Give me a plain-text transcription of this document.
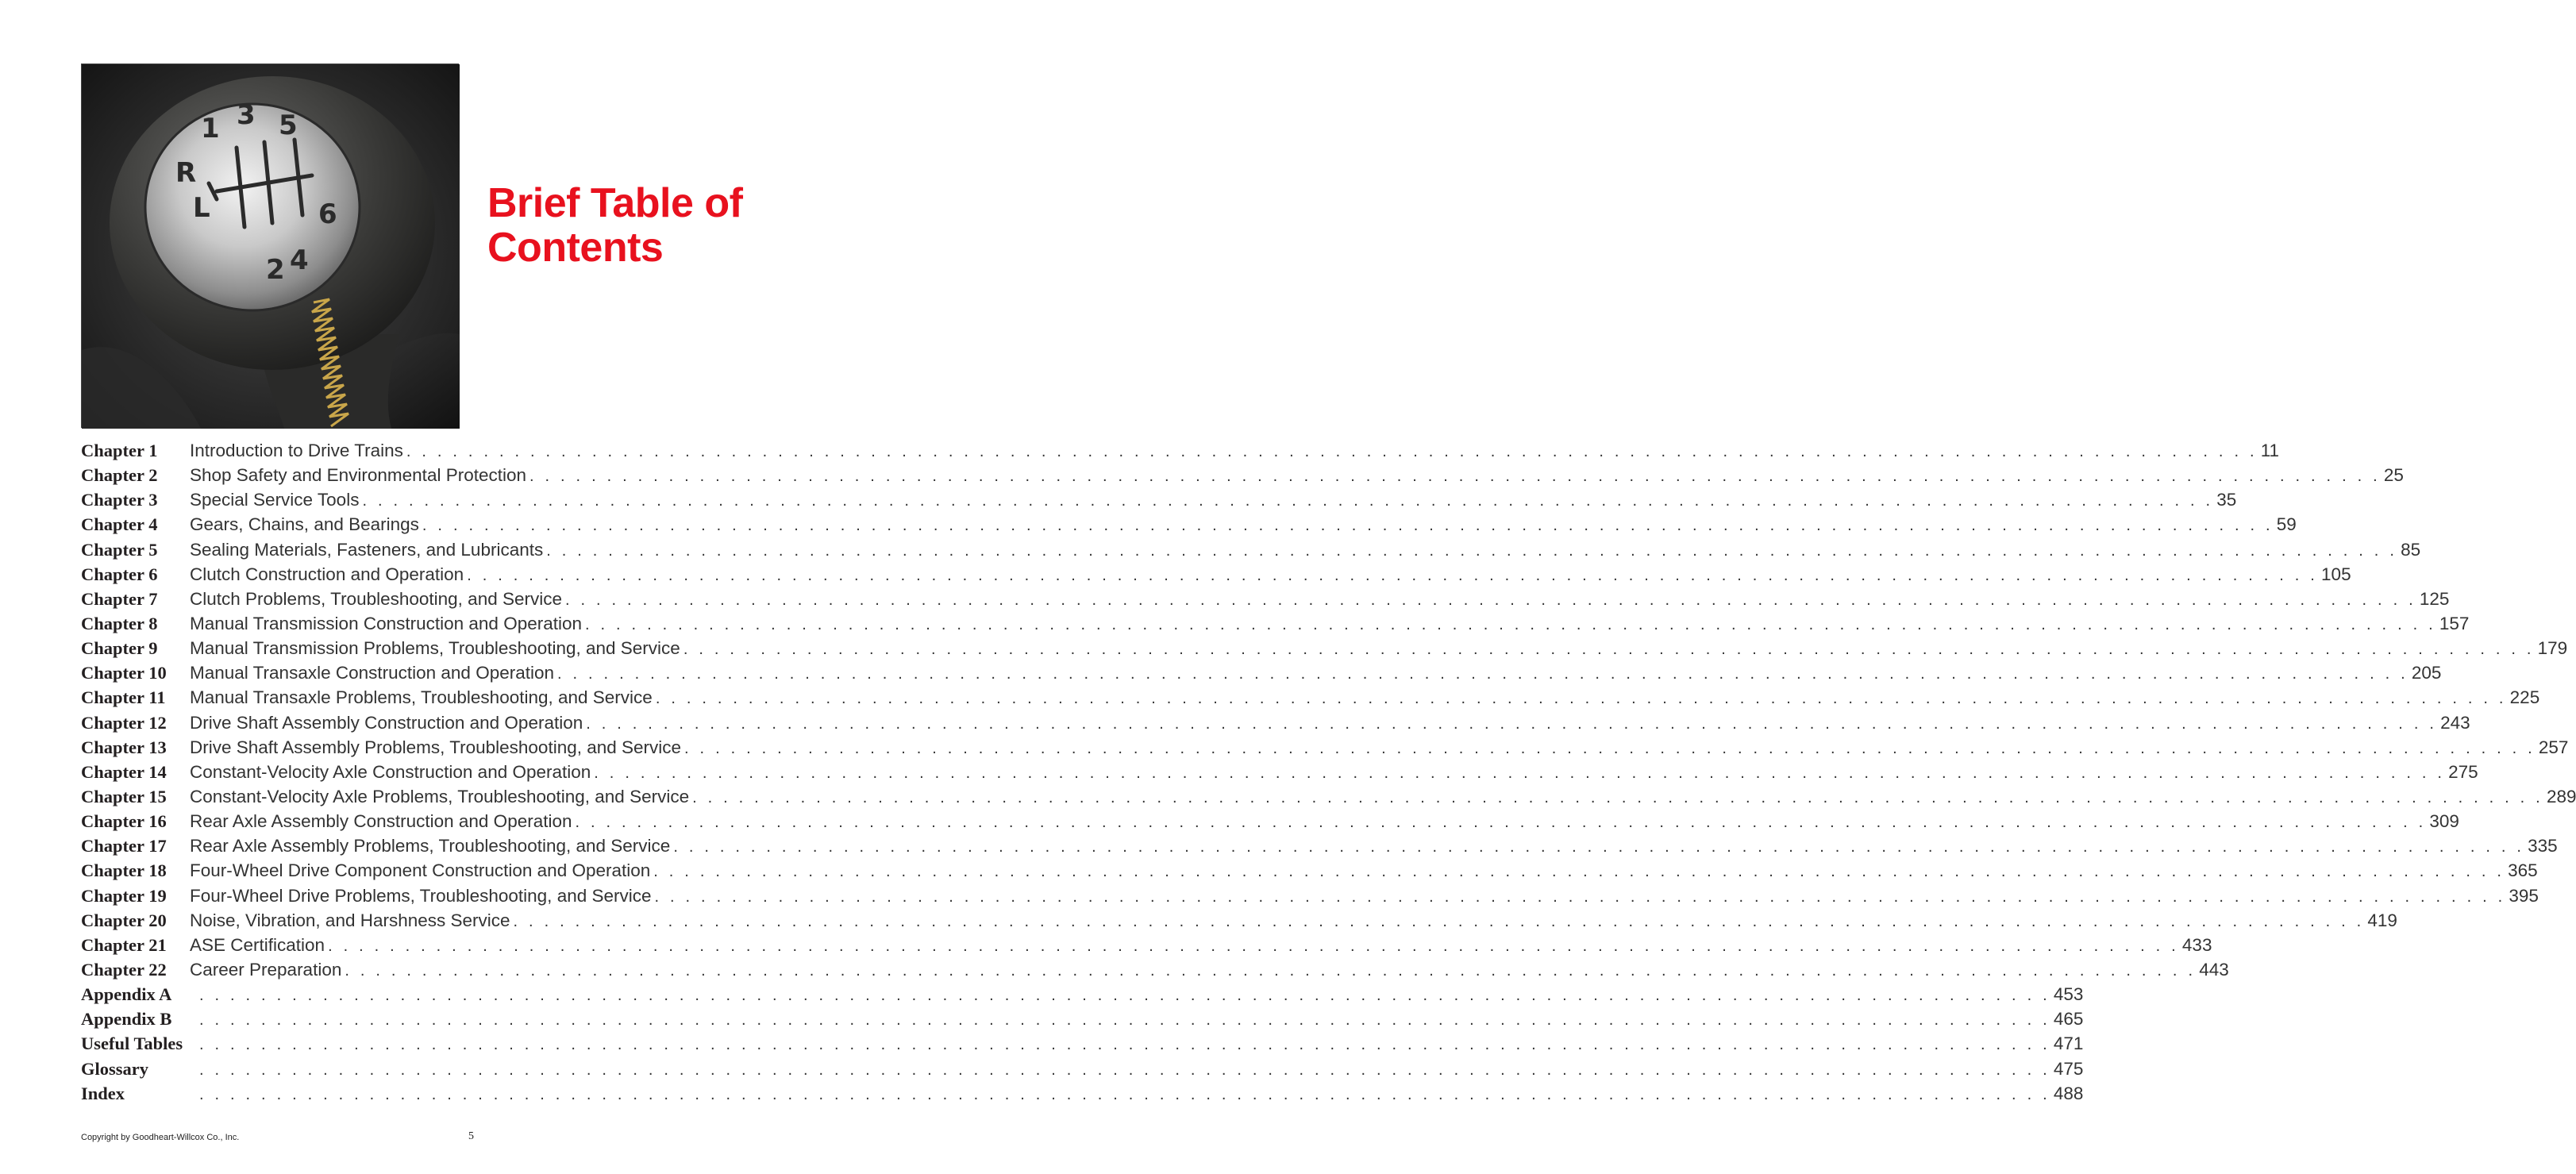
1 3 5
R
L	6
2 4
Brief Table of
Contents
Chapter 1	Introduction to Drive Trains . . . . . . . . . . . . . . . . . . . . . . . . . . . . . . . . . . . . . . . . . . . . . . . . . . . . . . . . . . . . . . . . . . . . . . . . . . . . . . . . . . . . . . . . . . . . . . . . . . . . . . . . . . . . . . . . . . . . . . . . 11
Chapter 2	Shop Safety and Environmental Protection . . . . . . . . . . . . . . . . . . . . . . . . . . . . . . . . . . . . . . . . . . . . . . . . . . . . . . . . . . . . . . . . . . . . . . . . . . . . . . . . . . . . . . . . . . . . . . . . . . . . . . . . . . . . . . . . . . . . . . . . 25
Chapter 3	Special Service Tools . . . . . . . . . . . . . . . . . . . . . . . . . . . . . . . . . . . . . . . . . . . . . . . . . . . . . . . . . . . . . . . . . . . . . . . . . . . . . . . . . . . . . . . . . . . . . . . . . . . . . . . . . . . . . . . . . . . . . . . . 35
Chapter 4	Gears, Chains, and Bearings . . . . . . . . . . . . . . . . . . . . . . . . . . . . . . . . . . . . . . . . . . . . . . . . . . . . . . . . . . . . . . . . . . . . . . . . . . . . . . . . . . . . . . . . . . . . . . . . . . . . . . . . . . . . . . . . . . . . . . . . 59
Chapter 5	Sealing Materials, Fasteners, and Lubricants . . . . . . . . . . . . . . . . . . . . . . . . . . . . . . . . . . . . . . . . . . . . . . . . . . . . . . . . . . . . . . . . . . . . . . . . . . . . . . . . . . . . . . . . . . . . . . . . . . . . . . . . . . . . . . . . . . . . . . . . 85
Chapter 6	Clutch Construction and Operation . . . . . . . . . . . . . . . . . . . . . . . . . . . . . . . . . . . . . . . . . . . . . . . . . . . . . . . . . . . . . . . . . . . . . . . . . . . . . . . . . . . . . . . . . . . . . . . . . . . . . . . . . . . . . . . . . . . . . . . . 105
Chapter 7	Clutch Problems, Troubleshooting, and Service . . . . . . . . . . . . . . . . . . . . . . . . . . . . . . . . . . . . . . . . . . . . . . . . . . . . . . . . . . . . . . . . . . . . . . . . . . . . . . . . . . . . . . . . . . . . . . . . . . . . . . . . . . . . . . . . . . . . . . . . 125
Chapter 8	Manual Transmission Construction and Operation . . . . . . . . . . . . . . . . . . . . . . . . . . . . . . . . . . . . . . . . . . . . . . . . . . . . . . . . . . . . . . . . . . . . . . . . . . . . . . . . . . . . . . . . . . . . . . . . . . . . . . . . . . . . . . . . . . . . . . . . 157
Chapter 9	Manual Transmission Problems, Troubleshooting, and Service . . . . . . . . . . . . . . . . . . . . . . . . . . . . . . . . . . . . . . . . . . . . . . . . . . . . . . . . . . . . . . . . . . . . . . . . . . . . . . . . . . . . . . . . . . . . . . . . . . . . . . . . . . . . . . . . . . . . . . . . 179
Chapter 10	Manual Transaxle Construction and Operation . . . . . . . . . . . . . . . . . . . . . . . . . . . . . . . . . . . . . . . . . . . . . . . . . . . . . . . . . . . . . . . . . . . . . . . . . . . . . . . . . . . . . . . . . . . . . . . . . . . . . . . . . . . . . . . . . . . . . . . . 205
Chapter 11	Manual Transaxle Problems, Troubleshooting, and Service . . . . . . . . . . . . . . . . . . . . . . . . . . . . . . . . . . . . . . . . . . . . . . . . . . . . . . . . . . . . . . . . . . . . . . . . . . . . . . . . . . . . . . . . . . . . . . . . . . . . . . . . . . . . . . . . . . . . . . . . 225
Chapter 12	Drive Shaft Assembly Construction and Operation . . . . . . . . . . . . . . . . . . . . . . . . . . . . . . . . . . . . . . . . . . . . . . . . . . . . . . . . . . . . . . . . . . . . . . . . . . . . . . . . . . . . . . . . . . . . . . . . . . . . . . . . . . . . . . . . . . . . . . . . 243
Chapter 13	Drive Shaft Assembly Problems, Troubleshooting, and Service . . . . . . . . . . . . . . . . . . . . . . . . . . . . . . . . . . . . . . . . . . . . . . . . . . . . . . . . . . . . . . . . . . . . . . . . . . . . . . . . . . . . . . . . . . . . . . . . . . . . . . . . . . . . . . . . . . . . . . . . 257
Chapter 14	Constant-Velocity Axle Construction and Operation . . . . . . . . . . . . . . . . . . . . . . . . . . . . . . . . . . . . . . . . . . . . . . . . . . . . . . . . . . . . . . . . . . . . . . . . . . . . . . . . . . . . . . . . . . . . . . . . . . . . . . . . . . . . . . . . . . . . . . . . 275
Chapter 15	Constant-Velocity Axle Problems, Troubleshooting, and Service . . . . . . . . . . . . . . . . . . . . . . . . . . . . . . . . . . . . . . . . . . . . . . . . . . . . . . . . . . . . . . . . . . . . . . . . . . . . . . . . . . . . . . . . . . . . . . . . . . . . . . . . . . . . . . . . . . . . . . . . 289
Chapter 16	Rear Axle Assembly Construction and Operation . . . . . . . . . . . . . . . . . . . . . . . . . . . . . . . . . . . . . . . . . . . . . . . . . . . . . . . . . . . . . . . . . . . . . . . . . . . . . . . . . . . . . . . . . . . . . . . . . . . . . . . . . . . . . . . . . . . . . . . . 309
Chapter 17	Rear Axle Assembly Problems, Troubleshooting, and Service . . . . . . . . . . . . . . . . . . . . . . . . . . . . . . . . . . . . . . . . . . . . . . . . . . . . . . . . . . . . . . . . . . . . . . . . . . . . . . . . . . . . . . . . . . . . . . . . . . . . . . . . . . . . . . . . . . . . . . . . 335
Chapter 18	Four-Wheel Drive Component Construction and Operation . . . . . . . . . . . . . . . . . . . . . . . . . . . . . . . . . . . . . . . . . . . . . . . . . . . . . . . . . . . . . . . . . . . . . . . . . . . . . . . . . . . . . . . . . . . . . . . . . . . . . . . . . . . . . . . . . . . . . . . . 365
Chapter 19	Four-Wheel Drive Problems, Troubleshooting, and Service . . . . . . . . . . . . . . . . . . . . . . . . . . . . . . . . . . . . . . . . . . . . . . . . . . . . . . . . . . . . . . . . . . . . . . . . . . . . . . . . . . . . . . . . . . . . . . . . . . . . . . . . . . . . . . . . . . . . . . . . 395
Chapter 20	Noise, Vibration, and Harshness Service . . . . . . . . . . . . . . . . . . . . . . . . . . . . . . . . . . . . . . . . . . . . . . . . . . . . . . . . . . . . . . . . . . . . . . . . . . . . . . . . . . . . . . . . . . . . . . . . . . . . . . . . . . . . . . . . . . . . . . . . 419
Chapter 21	ASE Certification . . . . . . . . . . . . . . . . . . . . . . . . . . . . . . . . . . . . . . . . . . . . . . . . . . . . . . . . . . . . . . . . . . . . . . . . . . . . . . . . . . . . . . . . . . . . . . . . . . . . . . . . . . . . . . . . . . . . . . . . 433
Chapter 22	Career Preparation . . . . . . . . . . . . . . . . . . . . . . . . . . . . . . . . . . . . . . . . . . . . . . . . . . . . . . . . . . . . . . . . . . . . . . . . . . . . . . . . . . . . . . . . . . . . . . . . . . . . . . . . . . . . . . . . . . . . . . . . 443
Appendix A	. . . . . . . . . . . . . . . . . . . . . . . . . . . . . . . . . . . . . . . . . . . . . . . . . . . . . . . . . . . . . . . . . . . . . . . . . . . . . . . . . . . . . . . . . . . . . . . . . . . . . . . . . . . . . . . . . . . . . . . . 453
Appendix B	. . . . . . . . . . . . . . . . . . . . . . . . . . . . . . . . . . . . . . . . . . . . . . . . . . . . . . . . . . . . . . . . . . . . . . . . . . . . . . . . . . . . . . . . . . . . . . . . . . . . . . . . . . . . . . . . . . . . . . . . 465
Useful Tables	. . . . . . . . . . . . . . . . . . . . . . . . . . . . . . . . . . . . . . . . . . . . . . . . . . . . . . . . . . . . . . . . . . . . . . . . . . . . . . . . . . . . . . . . . . . . . . . . . . . . . . . . . . . . . . . . . . . . . . . . 471
Glossary	. . . . . . . . . . . . . . . . . . . . . . . . . . . . . . . . . . . . . . . . . . . . . . . . . . . . . . . . . . . . . . . . . . . . . . . . . . . . . . . . . . . . . . . . . . . . . . . . . . . . . . . . . . . . . . . . . . . . . . . . 475
Index	. . . . . . . . . . . . . . . . . . . . . . . . . . . . . . . . . . . . . . . . . . . . . . . . . . . . . . . . . . . . . . . . . . . . . . . . . . . . . . . . . . . . . . . . . . . . . . . . . . . . . . . . . . . . . . . . . . . . . . . . 488
Copyright by Goodheart-Willcox Co., Inc.	5
